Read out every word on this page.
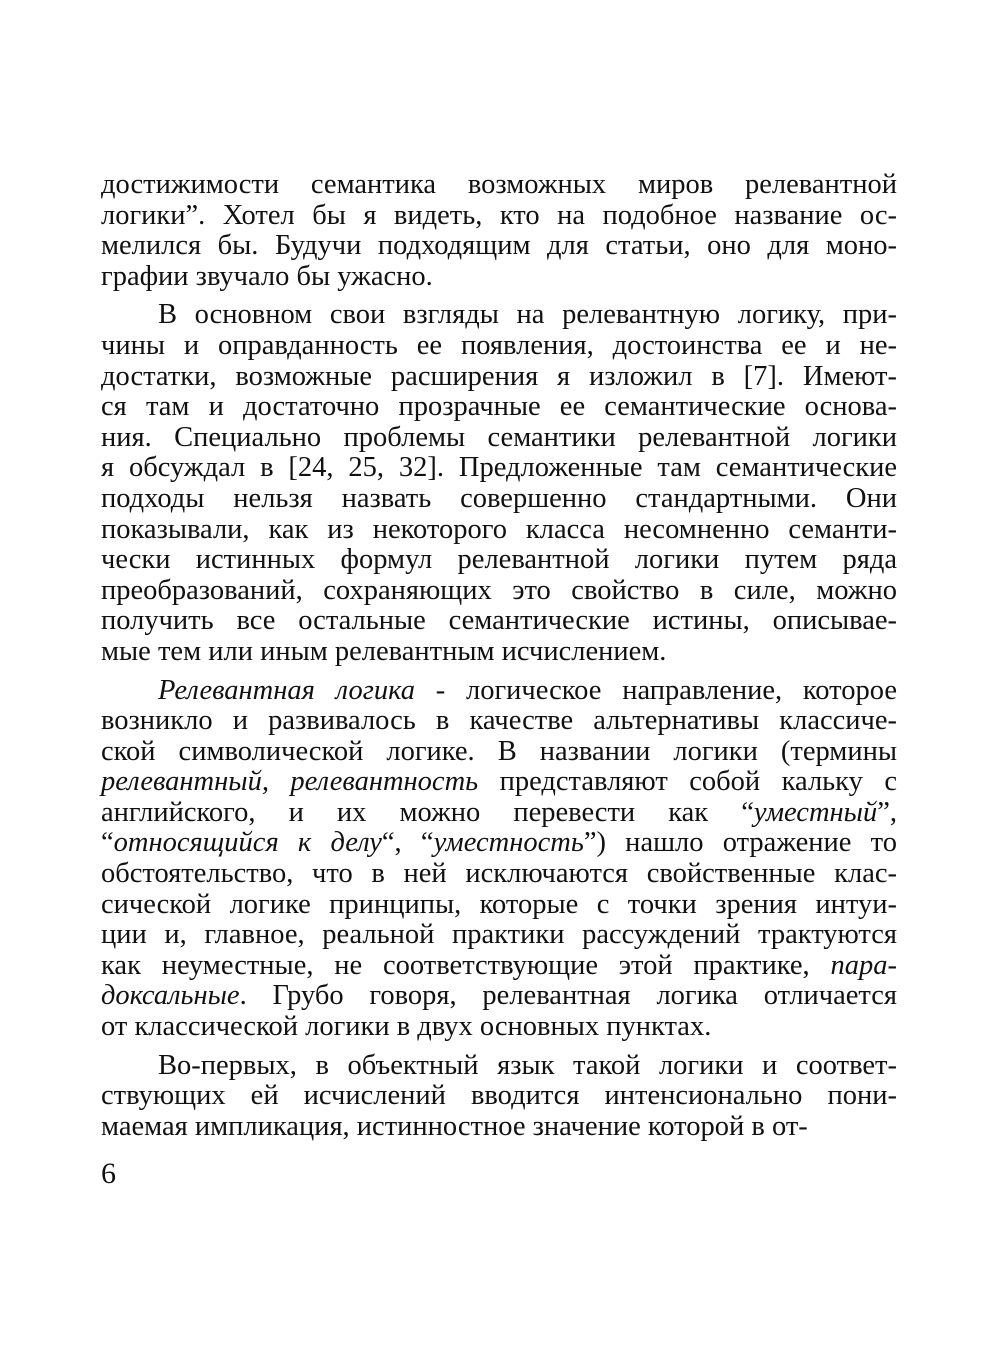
достижимости семантика возможных миров релевантной
логики”. Хотел бы я видеть, кто на подобное название ос-
мелился бы. Будучи подходящим для статьи, оно для моно-
графии звучало бы ужасно.
В основном свои взгляды на релевантную логику, при-
чины и оправданность ее появления, достоинства ее и не-
достатки, возможные расширения я изложил в [7]. Имеют-
ся там и достаточно прозрачные ее семантические основа-
ния. Специально проблемы семантики релевантной логики
я обсуждал в [24, 25, 32]. Предложенные там семантические
подходы нельзя назвать совершенно стандартными. Они
показывали, как из некоторого класса несомненно семанти-
чески истинных формул релевантной логики путем ряда
преобразований, сохраняющих это свойство в силе, можно
получить все остальные семантические истины, описывае-
мые тем или иным релевантным исчислением.
Релевантная логика - логическое направление, которое
возникло и развивалось в качестве альтернативы классиче-
ской символической логике. В названии логики (термины
релевантный, релевантность представляют собой кальку с
английского, и их можно перевести как “уместный”,
“относящийся к делу“, “уместность”) нашло отражение то
обстоятельство, что в ней исключаются свойственные клас-
сической логике принципы, которые с точки зрения интуи-
ции и, главное, реальной практики рассуждений трактуются
как неуместные, не соответствующие этой практике, пара-
доксальные. Грубо говоря, релевантная логика отличается
от классической логики в двух основных пунктах.
Во-первых, в объектный язык такой логики и соответ-
ствующих ей исчислений вводится интенсионально пони-
маемая импликация, истинностное значение которой в от-
6
